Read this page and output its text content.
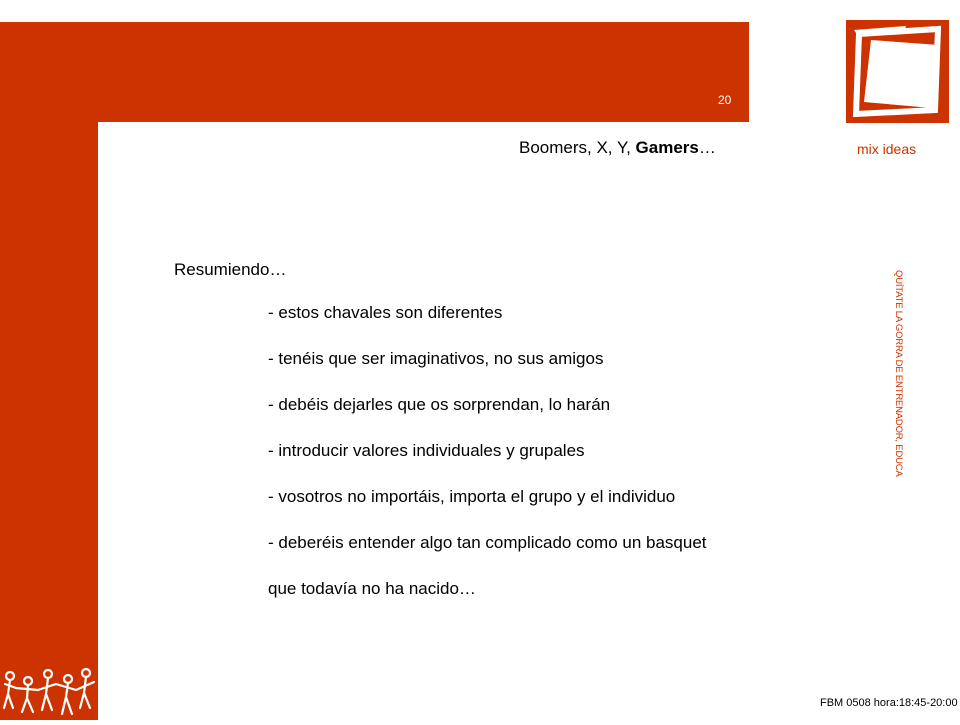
20
mix ideas
Boomers, X, Y, Gamers…
QUÍTATE LA GORRA DE ENTRENADOR, EDUCA
Resumiendo…
- estos chavales son diferentes
- tenéis que ser imaginativos, no sus amigos
- debéis dejarles que os sorprendan, lo harán
- introducir valores individuales y grupales
- vosotros no importáis, importa el grupo y el individuo
- deberéis entender algo tan complicado como un basquet
que todavía no ha nacido…
FBM 0508 hora:18:45-20:00
